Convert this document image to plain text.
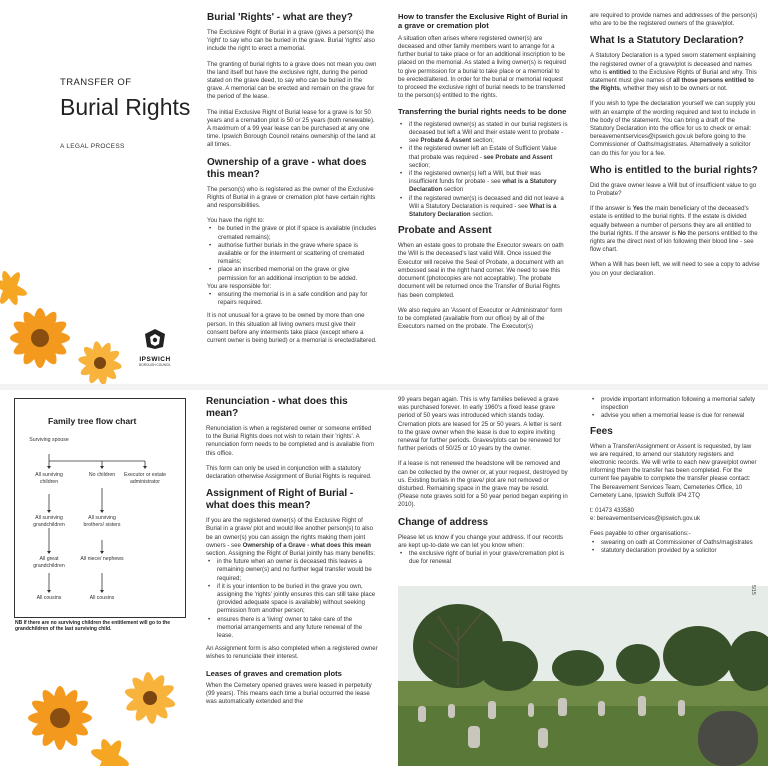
TRANSFER OF
Burial Rights
A LEGAL PROCESS
IPSWICH
BOROUGH COUNCIL
Burial 'Rights' - what are they?

The Exclusive Right of Burial in a grave (gives a person(s) the 'right' to say who can be buried in the grave. Burial 'rights' also include the right to erect a memorial.

The granting of burial rights to a grave does not mean you own the land itself but have the exclusive right, during the period stated on the grave deed, to say who can be buried in the grave. A memorial can be erected and remain on the grave for the period of the lease.

The initial Exclusive Right of Burial lease for a grave is for 50 years and a cremation plot is 50 or 25 years (both renewable). A maximum of a 99 year lease can be purchased at any one time. Ipswich Borough Council retains ownership of the land at all times.

Ownership of a grave - what does this mean?

The person(s) who is registered as the owner of the Exclusive Rights of Burial in a grave or cremation plot have certain rights and responsibilities.

You have the right to:

• be buried in the grave or plot if space is available (includes cremated remains);
• authorise further burials in the grave where space is available or for the interment or scattering of cremated remains;
• place an inscribed memorial on the grave or give permission for an additional inscription to be added.

You are responsible for:

• ensuring the memorial is in a safe condition and pay for repairs required.

It is not unusual for a grave to be owned by more than one person. In this situation all living owners must give their consent before any interments take place (except where a current owner is being buried) or a memorial is erected/altered.

How to transfer the Exclusive Right of Burial in a grave or cremation plot

A situation often arises where registered owner(s) are deceased and other family members want to arrange for a further burial to take place or for an additional inscription to be placed on the memorial. As stated a living owner(s) is required to give permission for a burial to take place or a memorial to be erected/altered. In order for the burial or memorial request to proceed the exclusive right of burial needs to be transferred to the person(s) entitled to the rights.

Transferring the burial rights needs to be done
• if the registered owner(s) as stated in our burial registers is deceased but left a Will and their estate went to probate - see Probate & Assent section;
• if the registered owner left an Estate of Sufficient Value that probate was required - see Probate and Assent section;
• if the registered owner(s) left a Will, but their was insufficient funds for probate - see what is a Statutory Declaration section
• if the registered owner(s) is deceased and did not leave a Will a Statutory Declaration is required - see What is a Statutory Declaration section.
Probate and Assent

When an estate goes to probate the Executor swears on oath the Will is the deceased's last valid Will. Once issued the Executor will receive the Seal of Probate, a document with an embossed seal in the right hand corner. We need to see this document (photocopies are not acceptable). The probate document will be returned once the Transfer of Burial Rights has been completed.

We also require an 'Assent of Executor or Administrator' form to be completed (available from our office) by all of the Executors named on the probate. The Executor(s)

are required to provide names and addresses of the person(s) who are to be the registered owners of the grave/plot.

What Is a Statutory Declaration?

A Statutory Declaration is a typed sworn statement explaining the registered owner of a grave/plot is deceased and names who is entitled to the Exclusive Rights of Burial and why. This statement must give names of all those persons entitled to the Rights, whether they wish to be owners or not.

If you wish to type the declaration yourself we can supply you with an example of the wording required and text to include in the body of the statement. You can bring a draft of the Statutory Declaration into the office for us to check or email: bereavementservices@ipswich.gov.uk before going to the Commissioner of Oaths/magistrates. Alternatively a solicitor can do this for you for a fee.

Who is entitled to the burial rights?

Did the grave owner leave a Will but of insufficient value to go to Probate?

If the answer is Yes the main beneficiary of the deceased's estate is entitled to the burial rights. If the estate is divided equally between a number of persons they are all entitled to the burial rights. If the answer is No the persons entitled to the rights are the direct next of kin following their blood line - see flow chart.

When a Will has been left, we will need to see a copy to advise you on your declaration.

Family tree flow chart
Surviving spouse
All surviving children
No children	Executor or estate administrator
All surviving grandchildren
All surviving brothers/ sisters
All great grandchildren
All niece/ nephews
All cousins	All cousins
NB If there are no surviving children the entitlement will go to the grandchildren of the last surviving child.
Renunciation - what does this mean?

Renunciation is when a registered owner or someone entitled to the Burial Rights does not wish to retain their 'rights'. A renunciation form needs to be completed and is available from this office.

This form can only be used in conjunction with a statutory declaration otherwise Assignment of Burial Rights is required.

Assignment of Right of Burial - what does this mean?

If you are the registered owner(s) of the Exclusive Right of Burial in a grave/ plot and would like another person(s) to also be an owner(s) you can assign the rights making them joint owners - see Ownership of a Grave - what does this mean section. Assigning the Right of Burial jointly has many benefits:

• in the future when an owner is deceased this leaves a remaining owner(s) and no further legal transfer would be required;
• if it is your intention to be buried in the grave you own, assigning the 'rights' jointly ensures this can still take place (provided adequate space is available) without seeking permission from another person;
• ensures there is a 'living' owner to take care of the memorial arrangements and any future renewal of the lease.

An Assignment form is also completed when a registered owner wishes to renunciate their interest.

Leases of graves and cremation plots

When the Cemetery opened graves were leased in perpetuity (99 years). This means each time a burial occurred the lease was automatically extended and the

99 years began again. This is why families believed a grave was purchased forever. In early 1960's a fixed lease grave period of 50 years was introduced which stands today. Cremation plots are leased for 25 or 50 years. A letter is sent to the grave owner when the lease is due to expire inviting renewal for further periods. Graves/plots can be renewed for further periods of 50/25 or 10 years by the owner.

If a lease is not renewed the headstone will be removed and can be collected by the owner or, at your request, destroyed by us. Existing burials in the grave/ plot are not removed or disturbed. Remaining space in the grave may be resold. (Please note graves sold for a 50 year period began expiring in 2010).

Change of address

Please let us know if you change your address. If our records are kept up-to-date we can let you know when:

• the exclusive right of burial in your grave/cremation plot is due for renewal
• provide important information following a memorial safety inspection
• advise you when a memorial lease is due for renewal
Fees

When a Transfer/Assignment or Assent is requested, by law we are required, to amend our statutory registers and electronic records. We will write to each new grave/plot owner informing them the transfer has been completed. For the current fee payable to complete the transfer please contact:

The Bereavement Services Team, Cemeteries Office, 10 Cemetery Lane, Ipswich Suffolk IP4 2TQ

t: 01473 433580

e: bereavementservices@ipswich.gov.uk

Fees payable to other organisations:-

• swearing on oath at Commissioner of Oaths/magistrates
• statutory declaration provided by a solicitor
5/15
